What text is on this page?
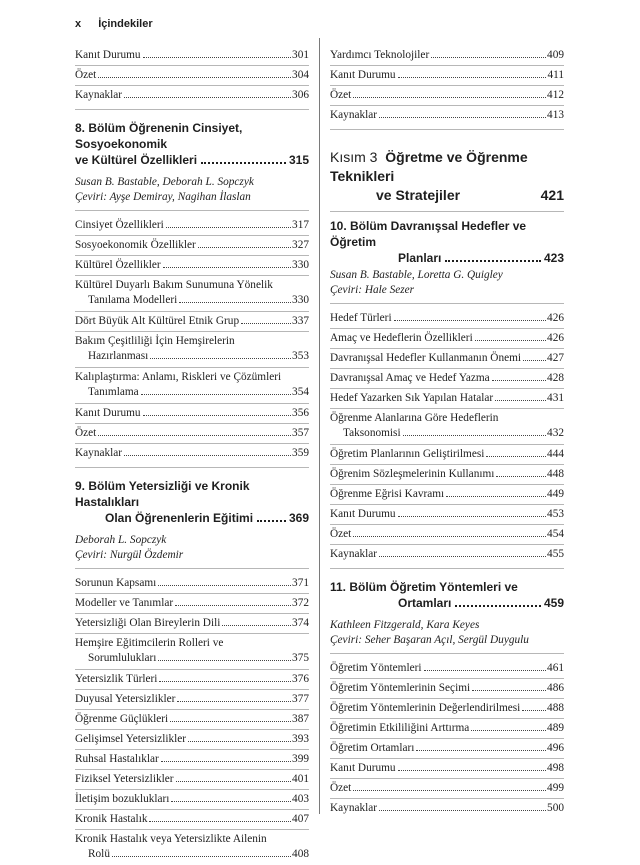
x İçindekiler
Kanıt Durumu	301
Özet	304
Kaynaklar	306
8. Bölüm Öğrenenin Cinsiyet, Sosyoekonomik
ve Kültürel Özellikleri	315
Susan B. Bastable, Deborah L. Sopczyk
Çeviri: Ayşe Demiray, Nagihan İlaslan
Cinsiyet Özellikleri	317
Sosyoekonomik Özellikler	327
Kültürel Özellikler	330
Kültürel Duyarlı Bakım Sunumuna Yönelik
Tanılama Modelleri	330
Dört Büyük Alt Kültürel Etnik Grup	337
Bakım Çeşitliliği İçin Hemşirelerin
Hazırlanması	353
Kalıplaştırma: Anlamı, Riskleri ve Çözümleri
Tanımlama	354
Kanıt Durumu	356
Özet	357
Kaynaklar	359
9. Bölüm Yetersizliği ve Kronik Hastalıkları
Olan Öğrenenlerin Eğitimi	369
Deborah L. Sopczyk
Çeviri: Nurgül Özdemir
Sorunun Kapsamı	371
Modeller ve Tanımlar	372
Yetersizliği Olan Bireylerin Dili	374
Hemşire Eğitimcilerin Rolleri ve
Sorumlulukları	375
Yetersizlik Türleri	376
Duyusal Yetersizlikler	377
Öğrenme Güçlükleri	387
Gelişimsel Yetersizlikler	393
Ruhsal Hastalıklar	399
Fiziksel Yetersizlikler	401
İletişim bozuklukları	403
Kronik Hastalık	407
Kronik Hastalık veya Yetersizlikte Ailenin
Rolü	408
Yardımcı Teknolojiler	409
Kanıt Durumu	411
Özet	412
Kaynaklar	413
Kısım 3 Öğretme ve Öğrenme Teknikleri
ve Stratejiler	421
10. Bölüm Davranışsal Hedefler ve Öğretim
Planları	423
Susan B. Bastable, Loretta G. Quigley
Çeviri: Hale Sezer
Hedef Türleri	426
Amaç ve Hedeflerin Özellikleri	426
Davranışsal Hedefler Kullanmanın Önemi 427
Davranışsal Amaç ve Hedef Yazma	428
Hedef Yazarken Sık Yapılan Hatalar	431
Öğrenme Alanlarına Göre Hedeflerin
Taksonomisi	432
Öğretim Planlarının Geliştirilmesi	444
Öğrenim Sözleşmelerinin Kullanımı	448
Öğrenme Eğrisi Kavramı	449
Kanıt Durumu	453
Özet	454
Kaynaklar	455
11. Bölüm Öğretim Yöntemleri ve
Ortamları	459
Kathleen Fitzgerald, Kara Keyes
Çeviri: Seher Başaran Açıl, Sergül Duygulu
Öğretim Yöntemleri	461
Öğretim Yöntemlerinin Seçimi	486
Öğretim Yöntemlerinin Değerlendirilmesi 488
Öğretimin Etkililiğini Arttırma	489
Öğretim Ortamları	496
Kanıt Durumu	498
Özet	499
Kaynaklar	500
